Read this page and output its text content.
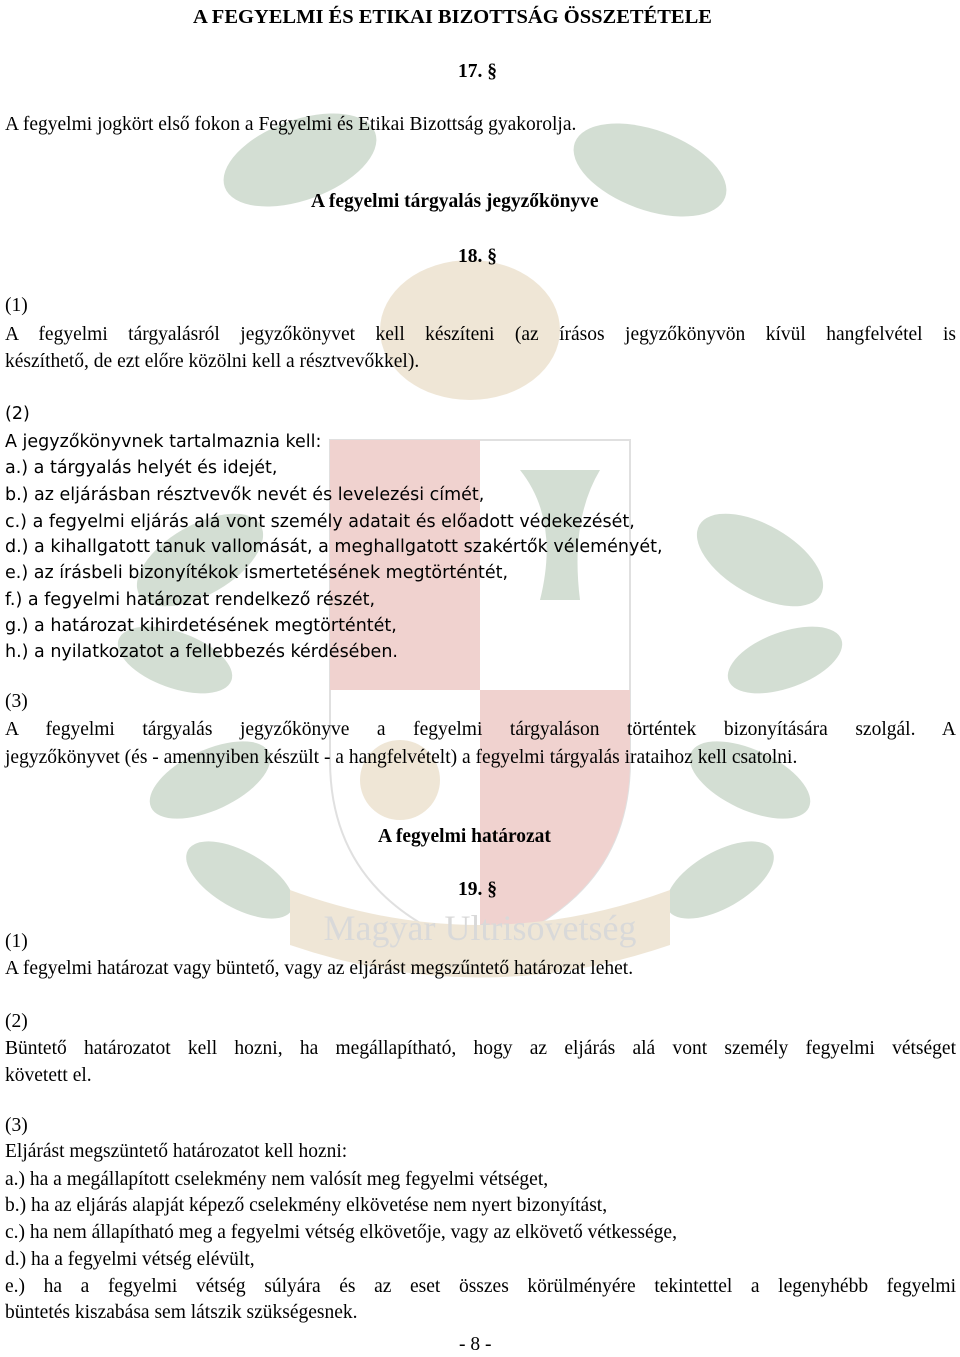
Magyar Ultrisovetség
A FEGYELMI ÉS ETIKAI BIZOTTSÁG ÖSSZETÉTELE
17. §
A fegyelmi jogkört első fokon a Fegyelmi és Etikai Bizottság gyakorolja.
A fegyelmi tárgyalás jegyzőkönyve
18. §
(1)
A fegyelmi tárgyalásról jegyzőkönyvet kell készíteni (az írásos jegyzőkönyvön kívül hangfelvétel is
készíthető, de ezt előre közölni kell a résztvevőkkel).
(2)
A jegyzőkönyvnek tartalmaznia kell:
a.) a tárgyalás helyét és idejét,
b.) az eljárásban résztvevők nevét és levelezési címét,
c.) a fegyelmi eljárás alá vont személy adatait és előadott védekezését,
d.) a kihallgatott tanuk vallomását, a meghallgatott szakértők véleményét,
e.) az írásbeli bizonyítékok ismertetésének megtörténtét,
f.) a fegyelmi határozat rendelkező részét,
g.) a határozat kihirdetésének megtörténtét,
h.) a nyilatkozatot a fellebbezés kérdésében.
(3)
A fegyelmi tárgyalás jegyzőkönyve a fegyelmi tárgyaláson történtek bizonyítására szolgál. A
jegyzőkönyvet (és - amennyiben készült - a hangfelvételt) a fegyelmi tárgyalás irataihoz kell csatolni.
A fegyelmi határozat
19. §
(1)
A fegyelmi határozat vagy büntető, vagy az eljárást megszűntető határozat lehet.
(2)
Büntető határozatot kell hozni, ha megállapítható, hogy az eljárás alá vont személy fegyelmi vétséget
követett el.
(3)
Eljárást megszüntető határozatot kell hozni:
a.) ha a megállapított cselekmény nem valósít meg fegyelmi vétséget,
b.) ha az eljárás alapját képező cselekmény elkövetése nem nyert bizonyítást,
c.) ha nem állapítható meg a fegyelmi vétség elkövetője, vagy az elkövető vétkessége,
d.) ha a fegyelmi vétség elévült,
e.) ha a fegyelmi vétség súlyára és az eset összes körülményére tekintettel a legenyhébb fegyelmi
büntetés kiszabása sem látszik szükségesnek.
- 8 -
